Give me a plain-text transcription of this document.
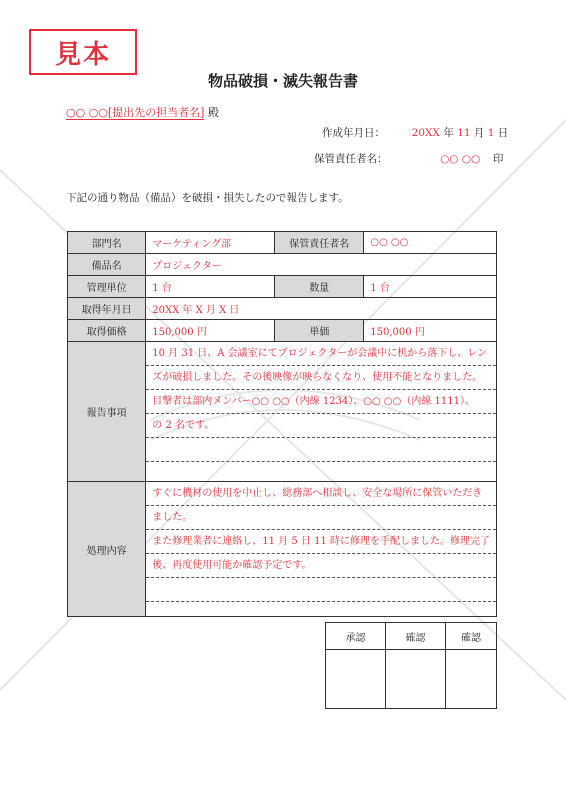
見本
物品破損・滅失報告書
○○ ○○[提出先の担当者名] 殿
作成年月日：	20XX 年 11 月 1 日
保管責任者名：	○○ ○○ 印
下記の通り物品（備品）を破損・損失したので報告します。
部門名	マーケティング部	保管責任者名	○○ ○○
備品名	プロジェクター		
管理単位	1 台	数量	1 台
取得年月日	20XX 年 X 月 X 日		
取得価格	150,000 円	単価	150,000 円
報告事項	10 月 31 日、A 会議室にてプロジェクターが会議中に机から落下し、レン
ズが破損しました。その後映像が映らなくなり、使用不能となりました。
目撃者は部内メンバー○○ ○○（内線 1234）、○○ ○○（内線 1111）、
の 2 名です。		

処理内容	すぐに機材の使用を中止し、総務部へ相談し、安全な場所に保管いただき
ました。
また修理業者に連絡し、11 月 5 日 11 時に修理を手配しました。修理完了
後、再度使用可能か確認予定です。		
承認	確認	確認
